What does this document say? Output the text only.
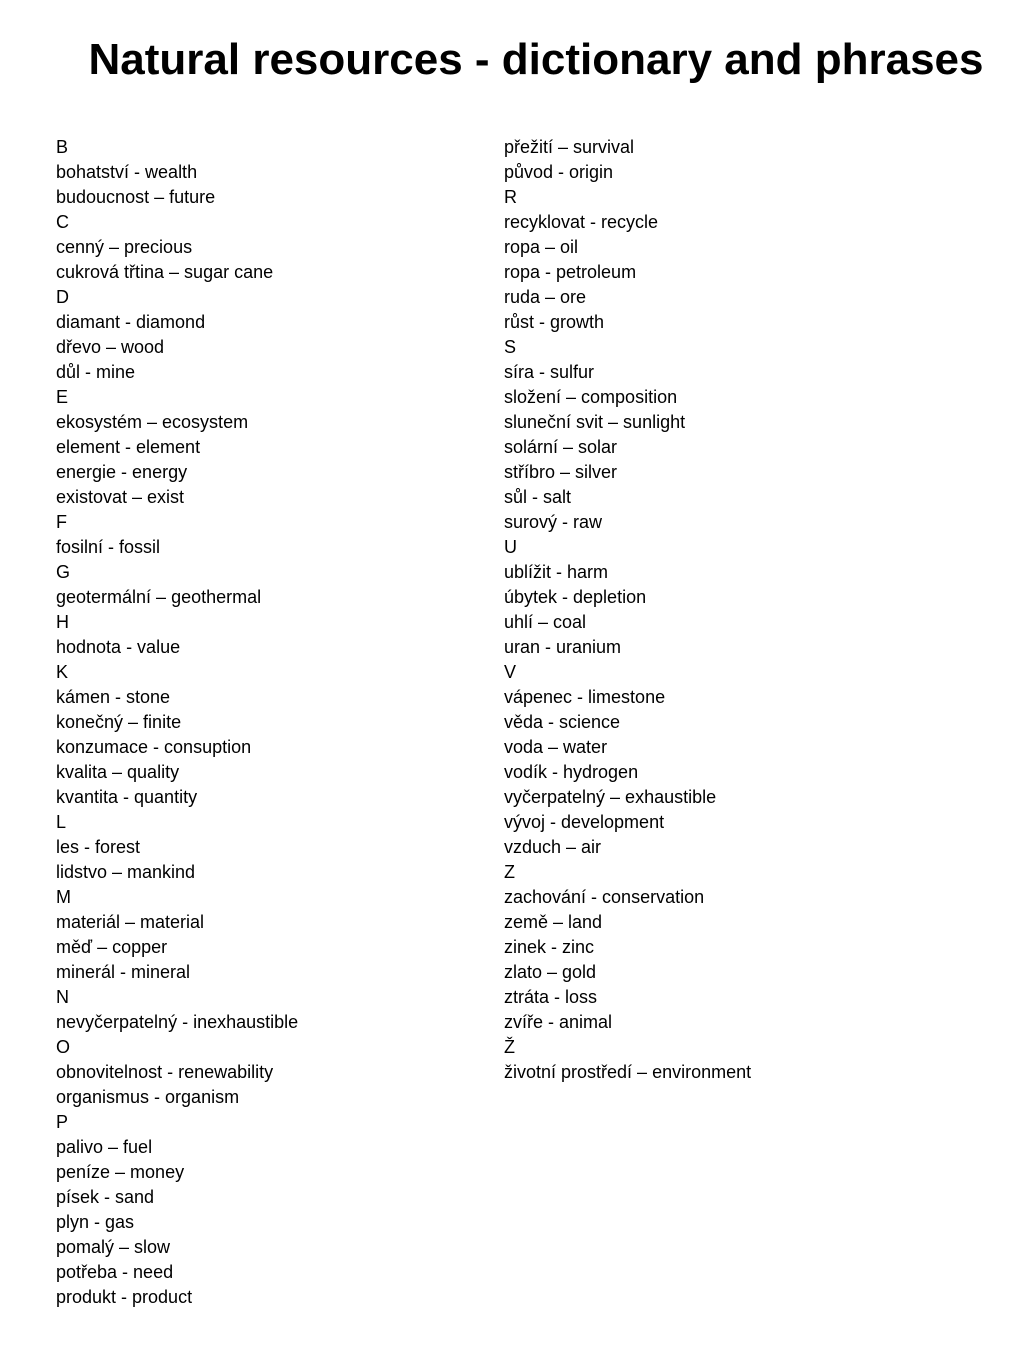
Natural resources - dictionary and phrases
B
bohatství - wealth
budoucnost – future
C
cenný – precious
cukrová třtina – sugar cane
D
diamant - diamond
dřevo – wood
důl - mine
E
ekosystém – ecosystem
element - element
energie - energy
existovat – exist
F
fosilní - fossil
G
geotermální – geothermal
H
hodnota - value
K
kámen - stone
konečný – finite
konzumace - consuption
kvalita – quality
kvantita - quantity
L
les - forest
lidstvo – mankind
M
materiál – material
měď – copper
minerál - mineral
N
nevyčerpatelný - inexhaustible
O
obnovitelnost - renewability
organismus - organism
P
palivo – fuel
peníze – money
písek - sand
plyn - gas
pomalý – slow
potřeba - need
produkt - product
přežití – survival
původ - origin
R
recyklovat - recycle
ropa – oil
ropa - petroleum
ruda – ore
růst - growth
S
síra - sulfur
složení – composition
sluneční svit – sunlight
solární – solar
stříbro – silver
sůl - salt
surový - raw
U
ublížit - harm
úbytek - depletion
uhlí – coal
uran - uranium
V
vápenec - limestone
věda - science
voda – water
vodík - hydrogen
vyčerpatelný – exhaustible
vývoj - development
vzduch – air
Z
zachování - conservation
země – land
zinek - zinc
zlato – gold
ztráta - loss
zvíře - animal
Ž
životní prostředí – environment
